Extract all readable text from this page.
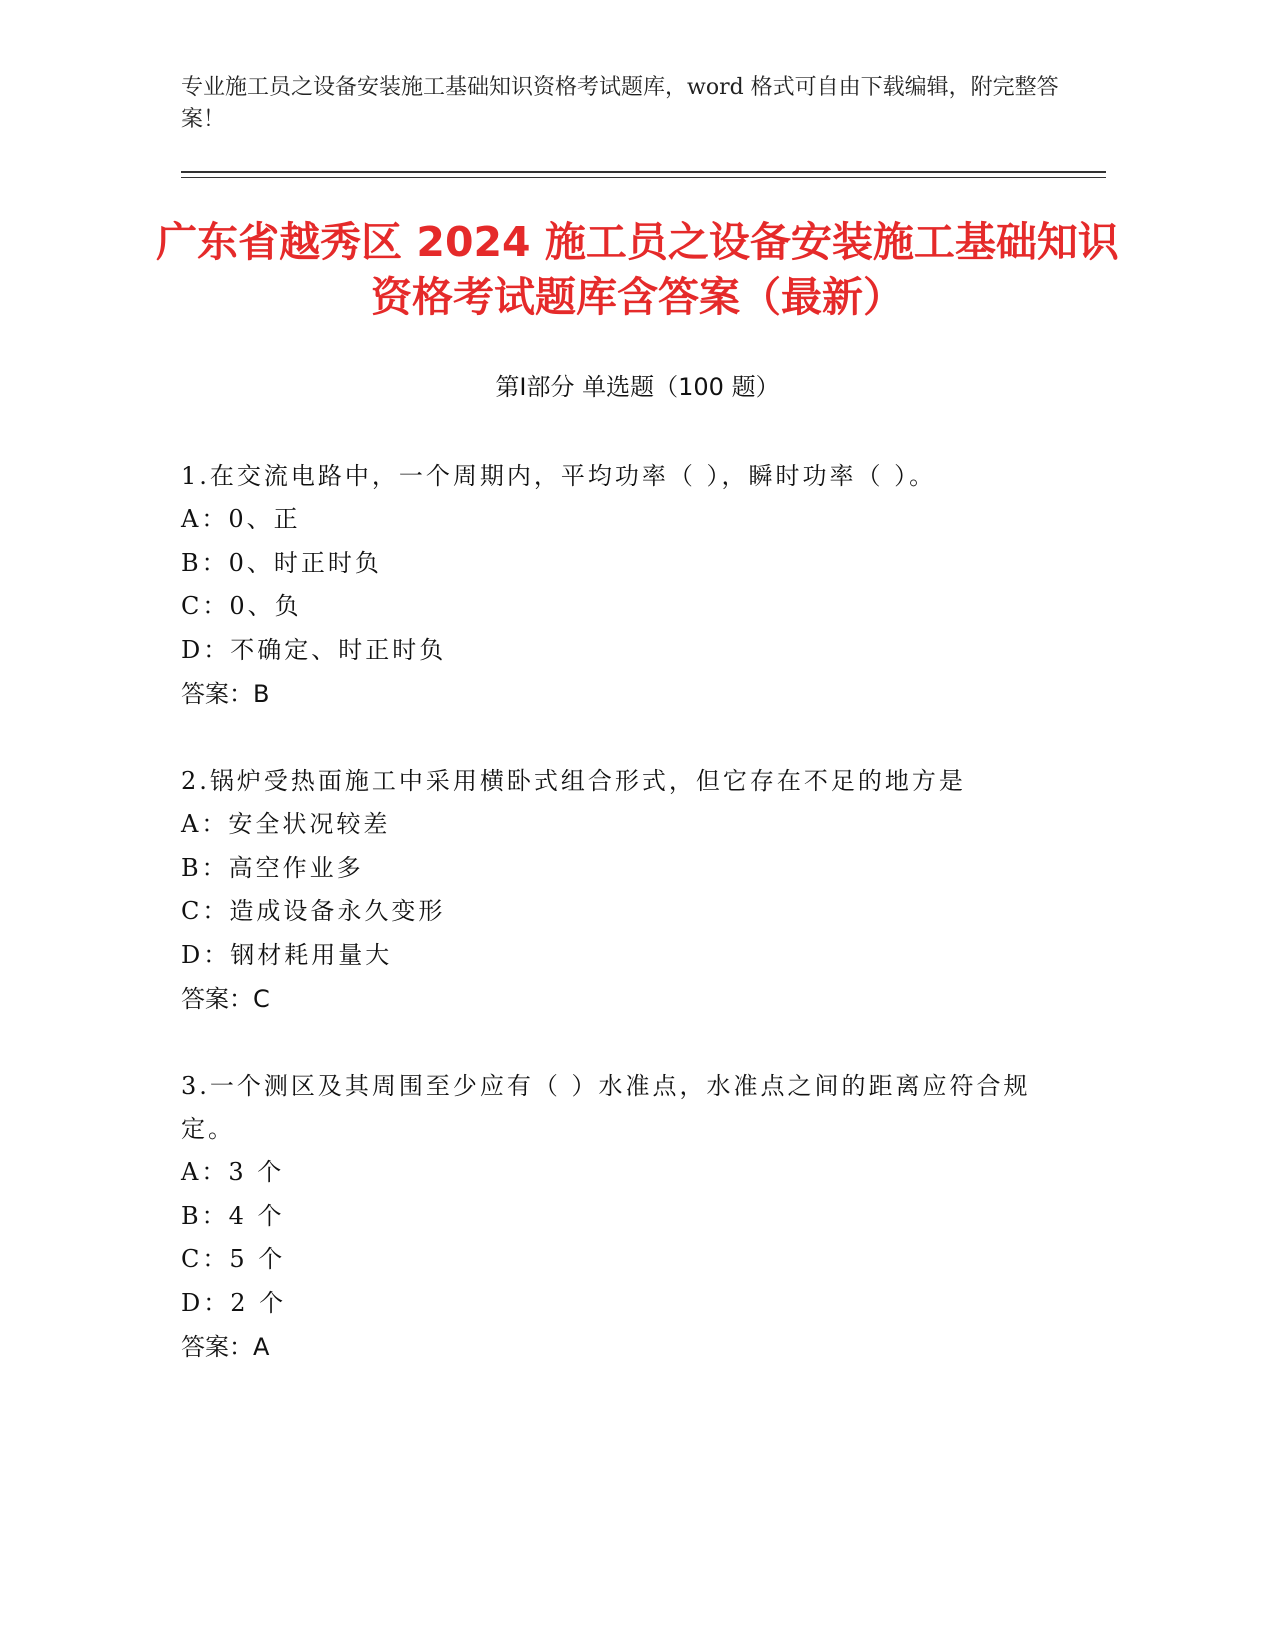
专业施工员之设备安装施工基础知识资格考试题库，word 格式可自由下载编辑，附完整答案！
广东省越秀区 2024 施工员之设备安装施工基础知识资格考试题库含答案（最新）
第Ⅰ部分 单选题（100 题）
1.在交流电路中，一个周期内，平均功率（ ），瞬时功率（ ）。
A：0、正
B：0、时正时负
C：0、负
D：不确定、时正时负
答案：B
2.锅炉受热面施工中采用横卧式组合形式，但它存在不足的地方是
A：安全状况较差
B：高空作业多
C：造成设备永久变形
D：钢材耗用量大
答案：C
3.一个测区及其周围至少应有（ ）水准点，水准点之间的距离应符合规定。
A：3 个
B：4 个
C：5 个
D：2 个
答案：A
